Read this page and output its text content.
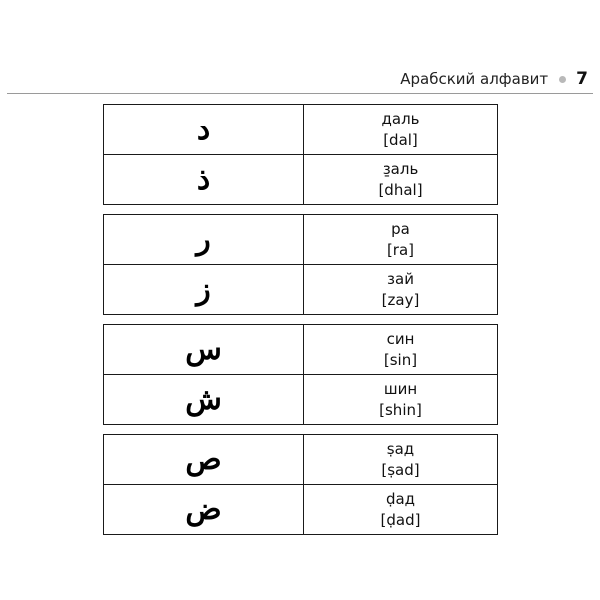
Арабский алфавит 7
د	даль
[dal]
ذ	з̱аль
[dhal]
ر	ра
[ra]
ز	зай
[zay]
س	син
[sin]
ش	шин
[shin]
ص	ṣад
[ṣad]
ض	ḍад
[ḍad]
